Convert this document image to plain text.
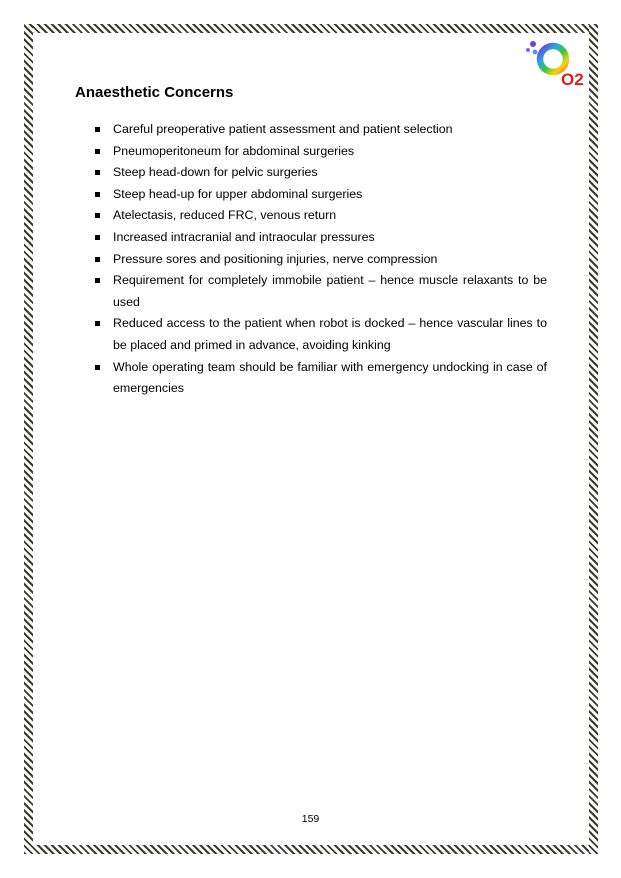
O2
Anaesthetic Concerns
Careful preoperative patient assessment and patient selection
Pneumoperitoneum for abdominal surgeries
Steep head-down for pelvic surgeries
Steep head-up for upper abdominal surgeries
Atelectasis, reduced FRC, venous return
Increased intracranial and intraocular pressures
Pressure sores and positioning injuries, nerve compression
Requirement for completely immobile patient – hence muscle relaxants to be used
Reduced access to the patient when robot is docked – hence vascular lines to be placed and primed in advance, avoiding kinking
Whole operating team should be familiar with emergency undocking in case of emergencies
159
